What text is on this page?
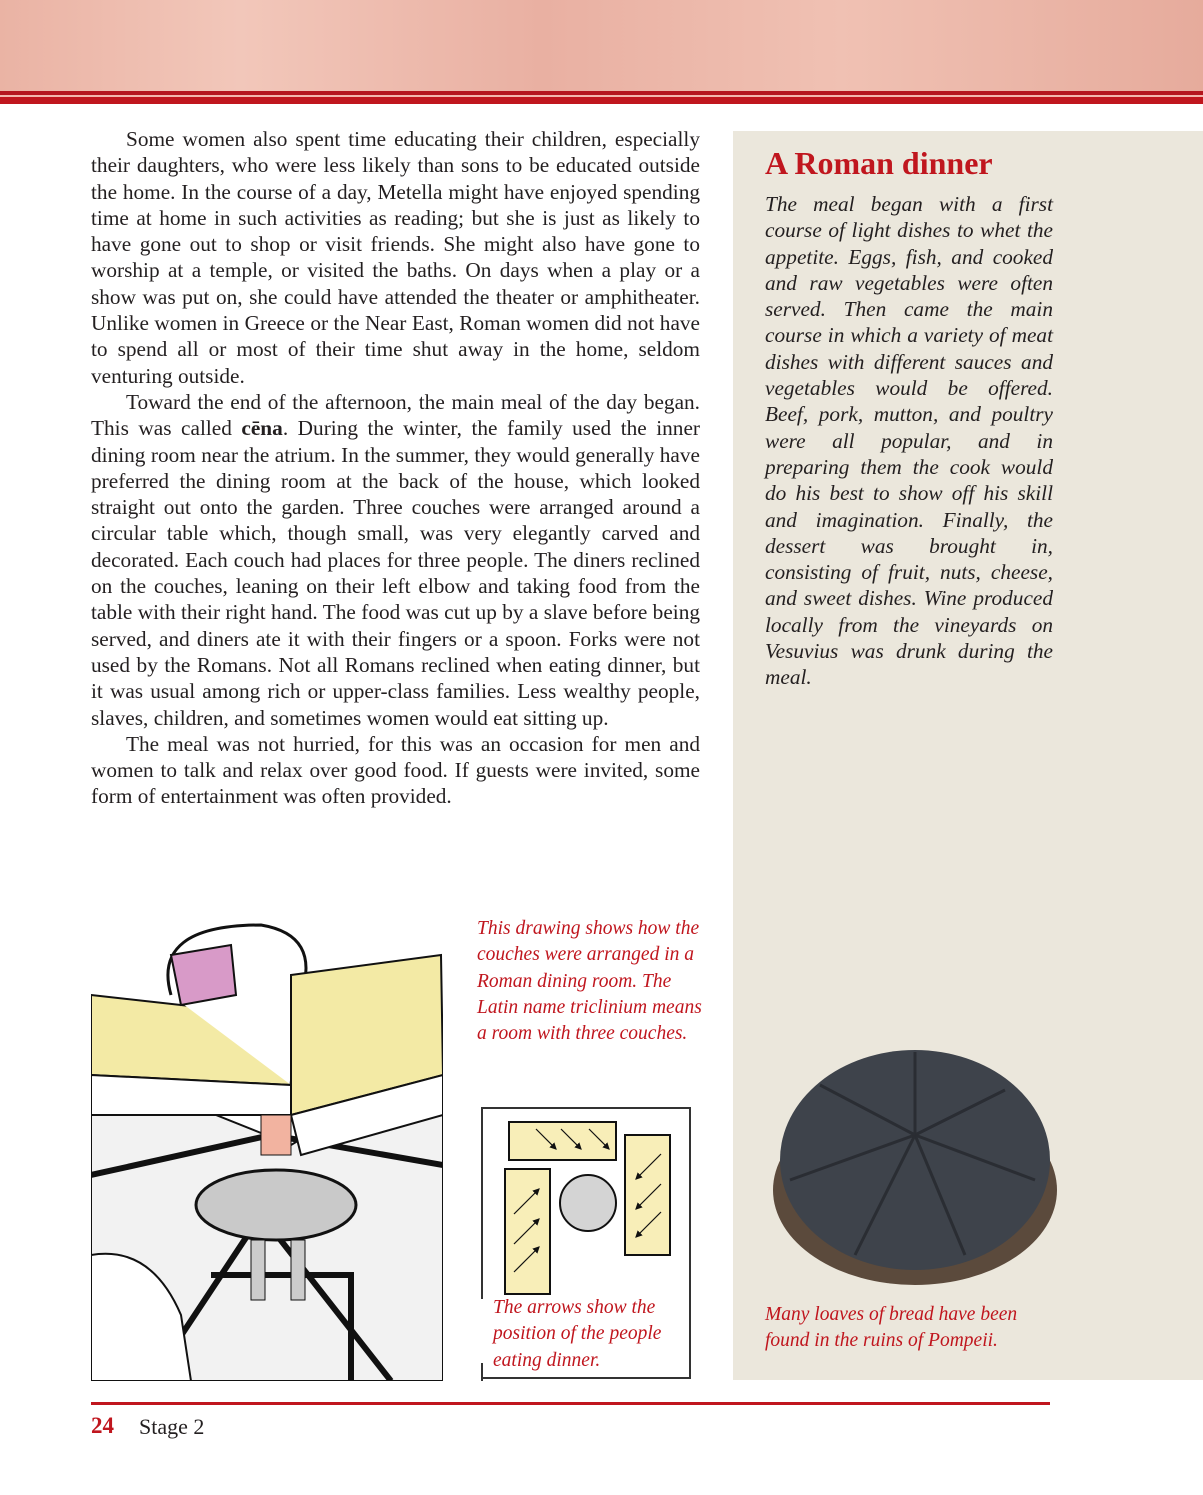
Some women also spent time educating their children, especially their daughters, who were less likely than sons to be educated outside the home. In the course of a day, Metella might have enjoyed spending time at home in such activities as reading; but she is just as likely to have gone out to shop or visit friends. She might also have gone to worship at a temple, or visited the baths. On days when a play or a show was put on, she could have attended the theater or amphitheater. Unlike women in Greece or the Near East, Roman women did not have to spend all or most of their time shut away in the home, seldom venturing outside.

Toward the end of the afternoon, the main meal of the day began. This was called cēna. During the winter, the family used the inner dining room near the atrium. In the summer, they would generally have preferred the dining room at the back of the house, which looked straight out onto the garden. Three couches were arranged around a circular table which, though small, was very elegantly carved and decorated. Each couch had places for three people. The diners reclined on the couches, leaning on their left elbow and taking food from the table with their right hand. The food was cut up by a slave before being served, and diners ate it with their fingers or a spoon. Forks were not used by the Romans. Not all Romans reclined when eating dinner, but it was usual among rich or upper-class families. Less wealthy people, slaves, children, and sometimes women would eat sitting up.

The meal was not hurried, for this was an occasion for men and women to talk and relax over good food. If guests were invited, some form of entertainment was often provided.

A Roman dinner
The meal began with a first course of light dishes to whet the appetite. Eggs, fish, and cooked and raw vegetables were often served. Then came the main course in which a variety of meat dishes with different sauces and vegetables would be offered. Beef, pork, mutton, and poultry were all popular, and in preparing them the cook would do his best to show off his skill and imagination. Finally, the dessert was brought in, consisting of fruit, nuts, cheese, and sweet dishes. Wine produced locally from the vineyards on Vesuvius was drunk during the meal.
This drawing shows how the couches were arranged in a Roman dining room. The Latin name triclinium means a room with three couches.
The arrows show the position of the people eating dinner.
Many loaves of bread have been found in the ruins of Pompeii.
24 Stage 2
